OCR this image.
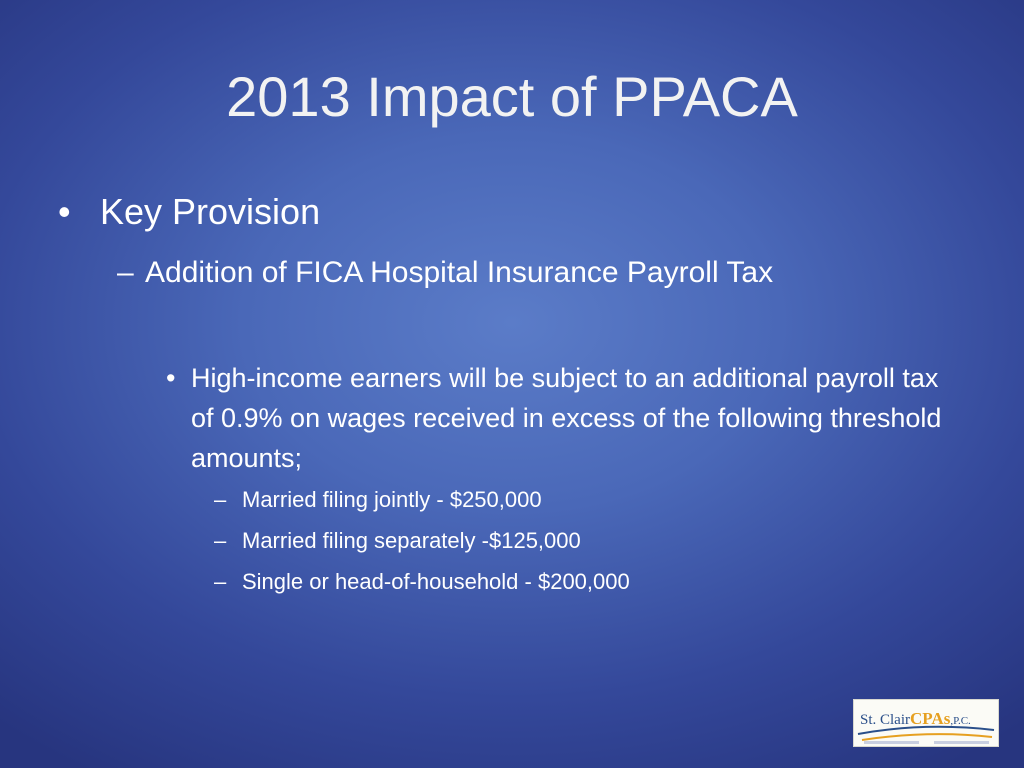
2013 Impact of PPACA
• Key Provision
– Addition of FICA Hospital Insurance Payroll Tax
• High-income earners will be subject to an additional payroll tax of 0.9% on wages received in excess of the following threshold amounts;
– Married filing jointly - $250,000
– Married filing separately -$125,000
– Single or head-of-household - $200,000
St. ClairCPAs,P.C.
